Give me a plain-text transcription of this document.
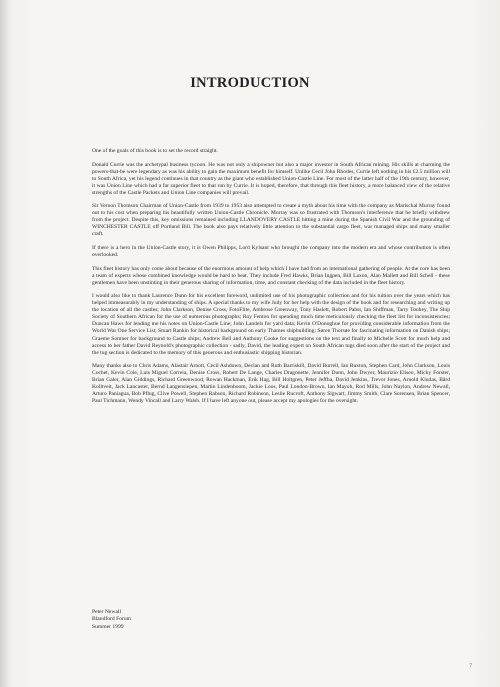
INTRODUCTION

One of the goals of this book is to set the record straight.

Donald Currie was the archetypal business tycoon. He was not only a shipowner but also a major investor in South African mining. His skills at charming the powers-that-be were legendary as was his ability to gain the maximum benefit for himself. Unlike Cecil John Rhodes, Currie left nothing in his £2.5 million will to South Africa, yet his legend continues in that country as the giant who established Union-Castle Line. For most of the latter half of the 19th century, however, it was Union Line which had a far superior fleet to that run by Currie. It is hoped, therefore, that through this fleet history, a more balanced view of the relative strengths of the Castle Packets and Union Line companies will prevail.

Sir Vernon Thomson Chairman of Union-Castle from 1939 to 1953 also attempted to create a myth about his time with the company as Marischal Murray found out to his cost when preparing his beautifully written Union-Castle Chronicle. Murray was so frustrated with Thomson's interference that he briefly withdrew from the project. Despite this, key omissions remained including LLANDOVERY CASTLE hitting a mine during the Spanish Civil War and the grounding of WINCHESTER CASTLE off Portland Bill. The book also pays relatively little attention to the substantial cargo fleet, war managed ships and many smaller craft.

If there is a hero in the Union-Castle story, it is Owen Philipps, Lord Kylsant who brought the company into the modern era and whose contribution is often overlooked.

This fleet history has only come about because of the enormous amount of help which I have had from an international gathering of people. At the core has been a team of experts whose combined knowledge would be hard to beat. They include Fred Hawks, Brian Ingpen, Bill Laxon, Alan Mallett and Bill Schell - these gentlemen have been unstinting in their generous sharing of information, time, and constant checking of the data included in the fleet history.

I would also like to thank Laurence Dunn for his excellent foreword, unlimited use of his photographic collection and for his tuition over the years which has helped immeasurably in my understanding of ships. A special thanks to my wife Judy for her help with the design of the book and for researching and writing up the location of all the castles; John Clarkson, Denise Cross, FotoFlite, Ambrose Greenway, Tony Haslett, Robert Pabst, Ian Shiffman, Tarry Toohey, The Ship Society of Southern African for the use of numerous photographs; Roy Fenton for spending much time meticulously checking the fleet list for inconsistencies; Duncan Haws for lending me his notes on Union-Castle Line; John Landels for yard data; Kevin O'Donoghue for providing considerable information from the World War One Service List; Stuart Rankin for historical background on early Thames shipbuilding; Søren Thorsøe for fascinating information on Danish ships; Graeme Somner for background to Castle ships; Andrew Bell and Anthony Cooke for suggestions on the text and finally to Michelle Scott for much help and access to her father David Reynold's photographic collection - sadly, David, the leading expert on South African tugs died soon after the start of the project and the tug section is dedicated to the memory of this generous and enthusiastic shipping historian.

Many thanks also to Chris Adams, Alastair Arnott, Cecil Ashdown, Declan and Ruth Barriskill, David Burrell, Ian Buxton, Stephen Card, John Clarkson, Louis Cochet, Kevin Cole, Luis Miguel Correia, Denise Cross, Robert De Lange, Charles Dragonette, Jennifer Dunn, John Dwyer, Maurizio Eliseo, Micky Forster, Brian Galer, Alan Giddings, Richard Greenwood, Rowan Hackman, Erik Hag, Bill Holtgren, Peter Jeffba, David Jenkins, Trevor Jones, Arnold Kludas, Bård Kolltveit, Jack Lancaster, Bernd Langensiepen, Martin Lindenboom, Jackie Loos, Paul London-Brown, Ian Mayoh, Rod Mills, John Naylon, Andrew Newall, Arturo Paniagua, Bob Pflug, Clive Powell, Stephen Rabson, Richard Robinson, Leslie Rucroft, Anthony Sigwart, Jimmy Smith, Clare Sorensen, Brian Spencer, Paul Tichmann, Wendy Vincall and Larry Walsh. If I have left anyone out, please accept my apologies for the oversight.

Peter Newall
Blandford Forum
Summer 1999
7
